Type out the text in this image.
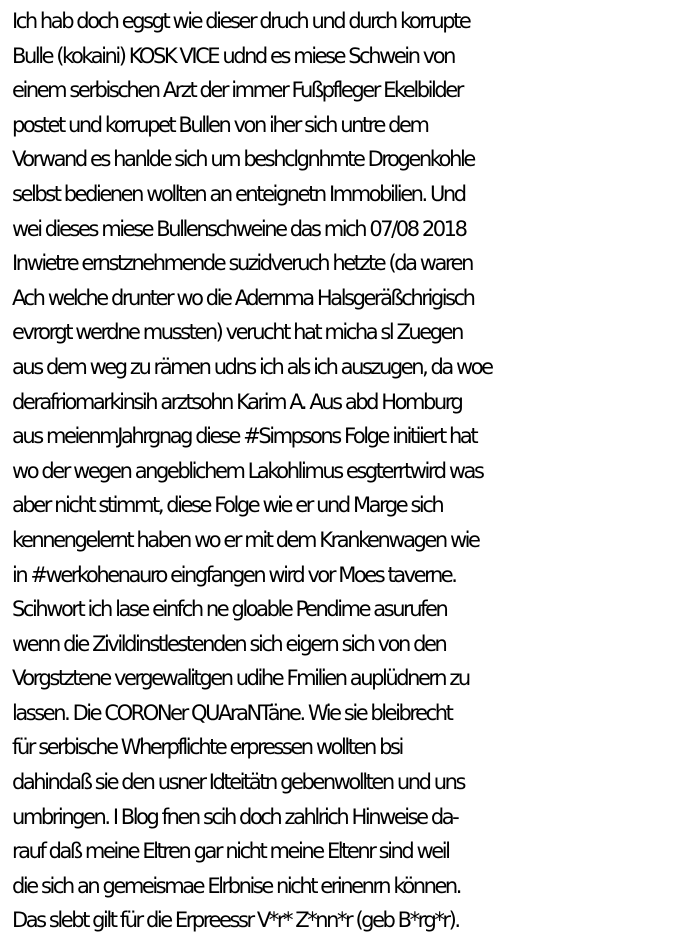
Ich hab doch egsgt wie dieser druch und durch korrupte
Bulle (kokaini) KOSK VICE udnd es miese Schwein von
einem serbischen Arzt der immer Fußpfleger Ekelbilder
postet und korrupet Bullen von iher sich untre dem
Vorwand es hanlde sich um beshclgnhmte Drogenkohle
selbst bedienen wollten an enteignetn Immobilien. Und
wei dieses miese Bullenschweine das mich 07/08 2018
Inwietre ernstznehmende suzidveruch hetzte (da waren
Ach welche drunter wo die Adernma Halsgeräßchrigisch
evrorgt werdne mussten) verucht hat micha sl Zuegen
aus dem weg zu rämen udns ich als ich auszugen, da woe
derafriomarkinsih arztsohn Karim A. Aus abd Homburg
aus meienmJahrgnag diese #Simpsons Folge initiiert hat
wo der wegen angeblichem Lakohlimus esgterrtwird was
aber nicht stimmt, diese Folge wie er und Marge sich
kennengelernt haben wo er mit dem Krankenwagen wie
in #werkohenauro eingfangen wird vor Moes taverne.
Scihwort ich lase einfch ne gloable Pendime asurufen
wenn die Zivildinstlestenden sich eigern sich von den
Vorgstztene vergewalitgen udihe Fmilien auplüdnern zu
lassen. Die CORONer QUAraNTäne. Wie sie bleibrecht
für serbische Wherpflichte erpressen wollten bsi
dahindaß sie den usner Idteitätn gebenwollten und uns
umbringen. I Blog fnen scih doch zahlrich Hinweise da-
rauf daß meine Eltren gar nicht meine Eltenr sind weil
die sich an gemeismae Elrbnise nicht erinenrn können.
Das slebt gilt für die Erpreessr V*r* Z*nn*r (geb B*rg*r).
